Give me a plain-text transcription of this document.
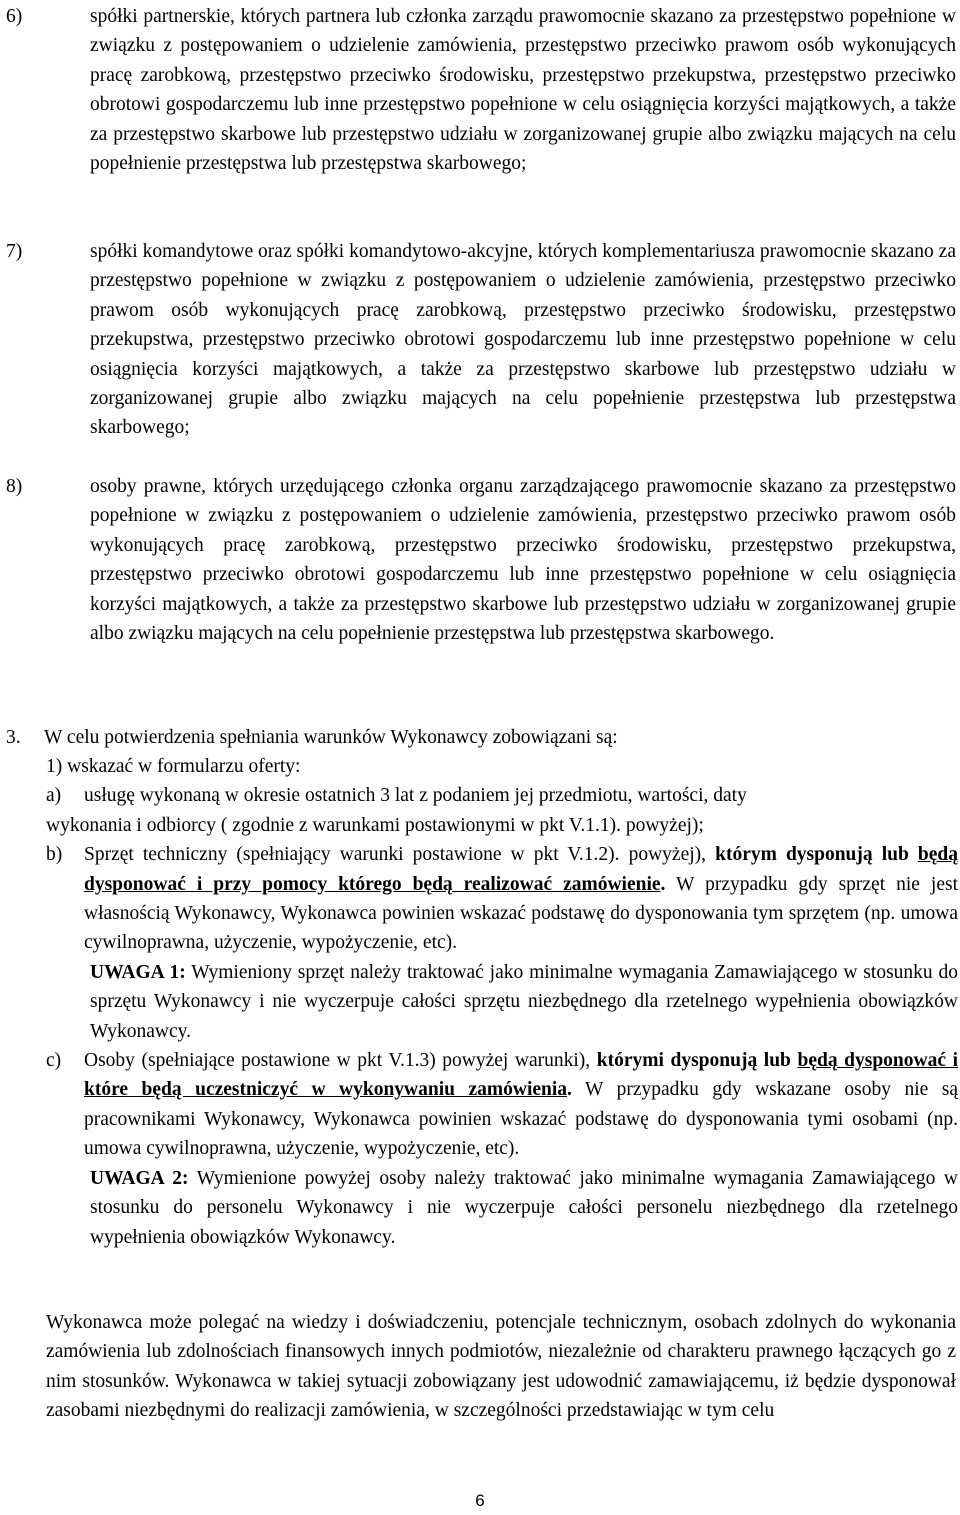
6)	spółki partnerskie, których partnera lub członka zarządu prawomocnie skazano za przestępstwo popełnione w związku z postępowaniem o udzielenie zamówienia, przestępstwo przeciwko prawom osób wykonujących pracę zarobkową, przestępstwo przeciwko środowisku, przestępstwo przekupstwa, przestępstwo przeciwko obrotowi gospodarczemu lub inne przestępstwo popełnione w celu osiągnięcia korzyści majątkowych, a także za przestępstwo skarbowe lub przestępstwo udziału w zorganizowanej grupie albo związku mających na celu popełnienie przestępstwa lub przestępstwa skarbowego;
7)	spółki komandytowe oraz spółki komandytowo-akcyjne, których komplementariusza prawomocnie skazano za przestępstwo popełnione w związku z postępowaniem o udzielenie zamówienia, przestępstwo przeciwko prawom osób wykonujących pracę zarobkową, przestępstwo przeciwko środowisku, przestępstwo przekupstwa, przestępstwo przeciwko obrotowi gospodarczemu lub inne przestępstwo popełnione w celu osiągnięcia korzyści majątkowych, a także za przestępstwo skarbowe lub przestępstwo udziału w zorganizowanej grupie albo związku mających na celu popełnienie przestępstwa lub przestępstwa skarbowego;
8)	osoby prawne, których urzędującego członka organu zarządzającego prawomocnie skazano za przestępstwo popełnione w związku z postępowaniem o udzielenie zamówienia, przestępstwo przeciwko prawom osób wykonujących pracę zarobkową, przestępstwo przeciwko środowisku, przestępstwo przekupstwa, przestępstwo przeciwko obrotowi gospodarczemu lub inne przestępstwo popełnione w celu osiągnięcia korzyści majątkowych, a także za przestępstwo skarbowe lub przestępstwo udziału w zorganizowanej grupie albo związku mających na celu popełnienie przestępstwa lub przestępstwa skarbowego.
3. W celu potwierdzenia spełniania warunków Wykonawcy zobowiązani są:
1) wskazać w formularzu oferty:
a)	usługę wykonaną w okresie ostatnich 3 lat z podaniem jej przedmiotu, wartości, daty
wykonania i odbiorcy ( zgodnie z warunkami postawionymi w pkt V.1.1). powyżej);
b)	Sprzęt techniczny (spełniający warunki postawione w pkt V.1.2). powyżej), którym dysponują lub będą dysponować i przy pomocy którego będą realizować zamówienie. W przypadku gdy sprzęt nie jest własnością Wykonawcy, Wykonawca powinien wskazać podstawę do dysponowania tym sprzętem (np. umowa cywilnoprawna, użyczenie, wypożyczenie, etc).
UWAGA 1: Wymieniony sprzęt należy traktować jako minimalne wymagania Zamawiającego w stosunku do sprzętu Wykonawcy i nie wyczerpuje całości sprzętu niezbędnego dla rzetelnego wypełnienia obowiązków Wykonawcy.
c)	Osoby (spełniające postawione w pkt V.1.3) powyżej warunki), którymi dysponują lub będą dysponować i które będą uczestniczyć w wykonywaniu zamówienia. W przypadku gdy wskazane osoby nie są pracownikami Wykonawcy, Wykonawca powinien wskazać podstawę do dysponowania tymi osobami (np. umowa cywilnoprawna, użyczenie, wypożyczenie, etc).
UWAGA 2: Wymienione powyżej osoby należy traktować jako minimalne wymagania Zamawiającego w stosunku do personelu Wykonawcy i nie wyczerpuje całości personelu niezbędnego dla rzetelnego wypełnienia obowiązków Wykonawcy.
Wykonawca może polegać na wiedzy i doświadczeniu, potencjale technicznym, osobach zdolnych do wykonania zamówienia lub zdolnościach finansowych innych podmiotów, niezależnie od charakteru prawnego łączących go z nim stosunków. Wykonawca w takiej sytuacji zobowiązany jest udowodnić zamawiającemu, iż będzie dysponował zasobami niezbędnymi do realizacji zamówienia, w szczególności przedstawiając w tym celu
6
